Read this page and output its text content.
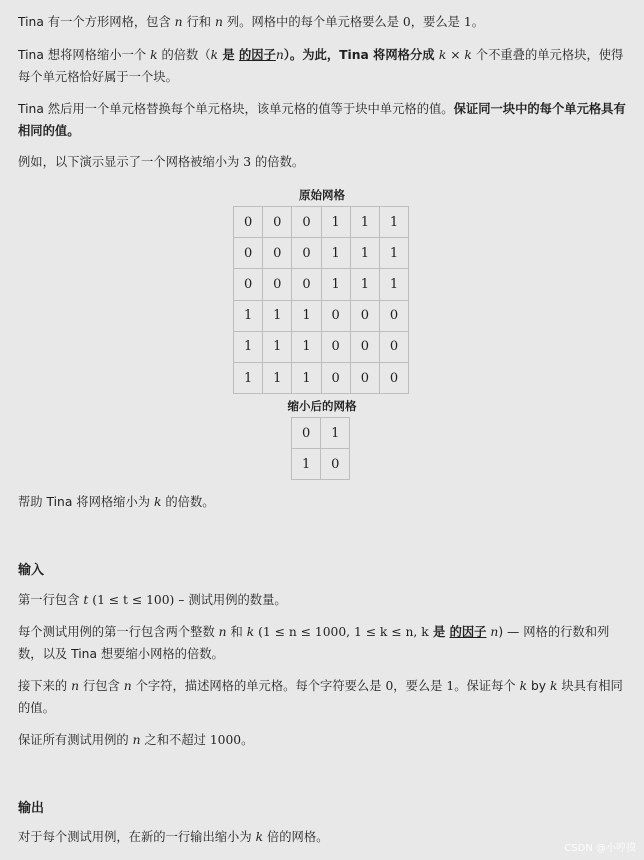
Tina 有一个方形网格，包含 n 行和 n 列。网格中的每个单元格要么是 0，要么是 1。
Tina 想将网格缩小一个 k 的倍数（k 是 的因子n）。为此，Tina 将网格分成 k × k 个不重叠的单元格块，使得每个单元格恰好属于一个块。
Tina 然后用一个单元格替换每个单元格块，该单元格的值等于块中单元格的值。保证同一块中的每个单元格具有相同的值。
例如，以下演示显示了一个网格被缩小为 3 的倍数。
原始网格
0	0	0	1	1	1
0	0	0	1	1	1
0	0	0	1	1	1
1	1	1	0	0	0
1	1	1	0	0	0
1	1	1	0	0	0
缩小后的网格
0	1
1	0
帮助 Tina 将网格缩小为 k 的倍数。
输入
第一行包含 t (1 ≤ t ≤ 100) – 测试用例的数量。
每个测试用例的第一行包含两个整数 n 和 k (1 ≤ n ≤ 1000, 1 ≤ k ≤ n, k 是 的因子 n) — 网格的行数和列数，以及 Tina 想要缩小网格的倍数。
接下来的 n 行包含 n 个字符，描述网格的单元格。每个字符要么是 0，要么是 1。保证每个 k by k 块具有相同的值。
保证所有测试用例的 n 之和不超过 1000。
输出
对于每个测试用例，在新的一行输出缩小为 k 倍的网格。
CSDN @小哼摸
